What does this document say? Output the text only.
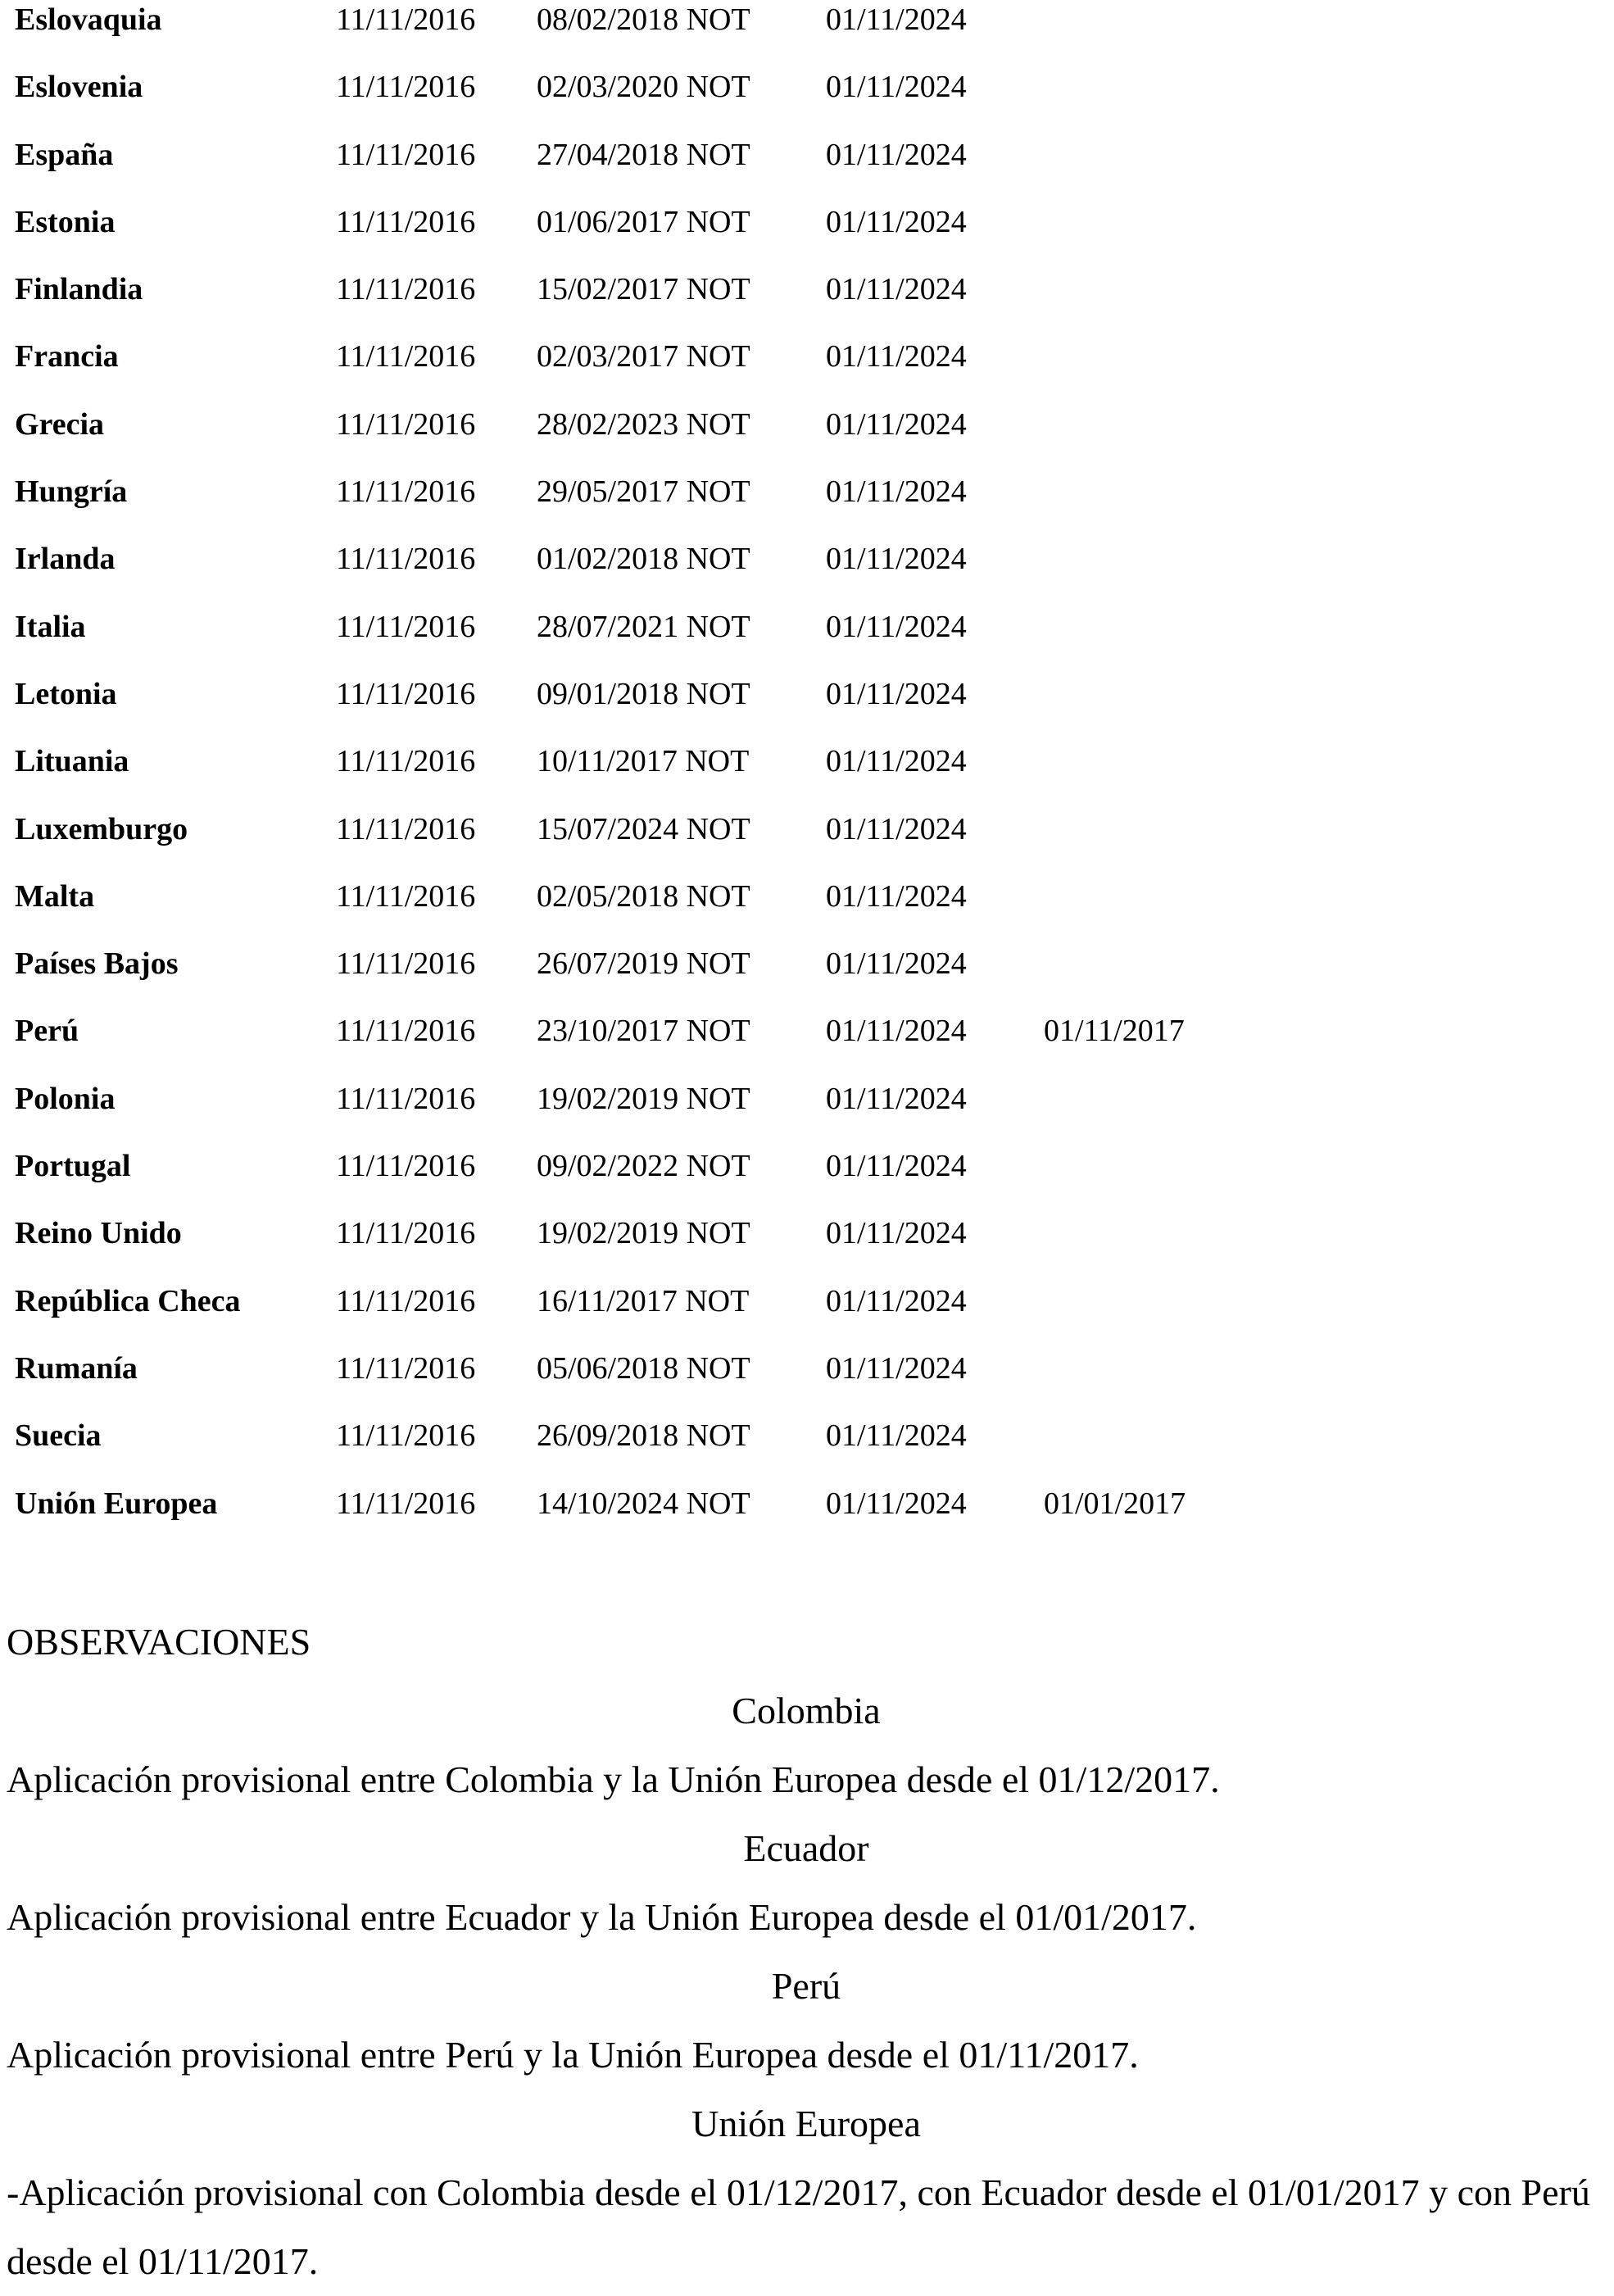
Eslovaquia	11/11/2016 08/02/2018 NOT 01/11/2024
Eslovenia	11/11/2016 02/03/2020 NOT 01/11/2024
España	11/11/2016 27/04/2018 NOT 01/11/2024
Estonia	11/11/2016 01/06/2017 NOT 01/11/2024
Finlandia	11/11/2016 15/02/2017 NOT 01/11/2024
Francia	11/11/2016 02/03/2017 NOT 01/11/2024
Grecia	11/11/2016 28/02/2023 NOT 01/11/2024
Hungría	11/11/2016 29/05/2017 NOT 01/11/2024
Irlanda	11/11/2016 01/02/2018 NOT 01/11/2024
Italia	11/11/2016 28/07/2021 NOT 01/11/2024
Letonia	11/11/2016 09/01/2018 NOT 01/11/2024
Lituania	11/11/2016 10/11/2017 NOT 01/11/2024
Luxemburgo	11/11/2016 15/07/2024 NOT 01/11/2024
Malta	11/11/2016 02/05/2018 NOT 01/11/2024
Países Bajos	11/11/2016 26/07/2019 NOT 01/11/2024
Perú	11/11/2016 23/10/2017 NOT 01/11/2024 01/11/2017
Polonia	11/11/2016 19/02/2019 NOT 01/11/2024
Portugal	11/11/2016 09/02/2022 NOT 01/11/2024
Reino Unido	11/11/2016 19/02/2019 NOT 01/11/2024
República Checa	11/11/2016 16/11/2017 NOT 01/11/2024
Rumanía	11/11/2016 05/06/2018 NOT 01/11/2024
Suecia	11/11/2016 26/09/2018 NOT 01/11/2024
Unión Europea	11/11/2016 14/10/2024 NOT 01/11/2024 01/01/2017
OBSERVACIONES
Colombia
Aplicación provisional entre Colombia y la Unión Europea desde el 01/12/2017.
Ecuador
Aplicación provisional entre Ecuador y la Unión Europea desde el 01/01/2017.
Perú
Aplicación provisional entre Perú y la Unión Europea desde el 01/11/2017.
Unión Europea
-Aplicación provisional con Colombia desde el 01/12/2017, con Ecuador desde el 01/01/2017 y con Perú desde el 01/11/2017.
